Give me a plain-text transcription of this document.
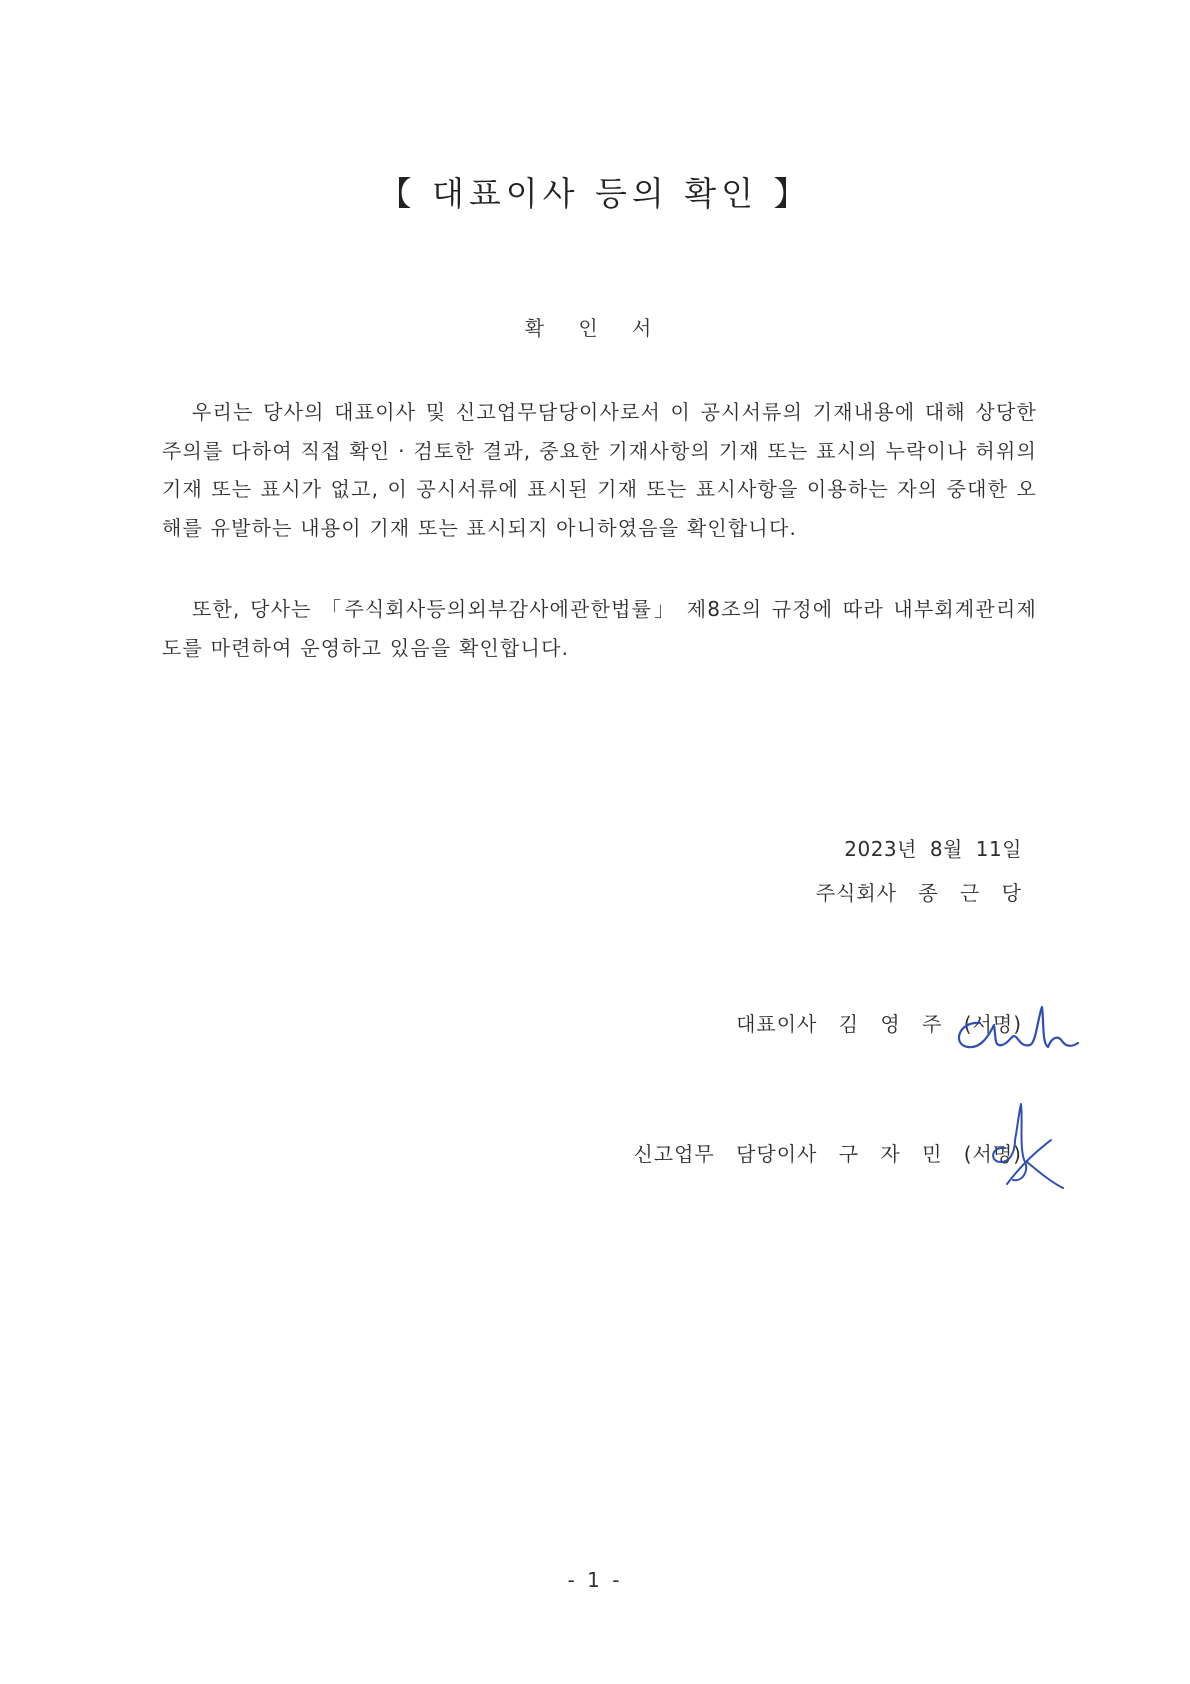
【 대표이사 등의 확인 】
확 인 서
우리는 당사의 대표이사 및 신고업무담당이사로서 이 공시서류의 기재내용에 대해 상당한 주의를 다하여 직접 확인 · 검토한 결과, 중요한 기재사항의 기재 또는 표시의 누락이나 허위의 기재 또는 표시가 없고, 이 공시서류에 표시된 기재 또는 표시사항을 이용하는 자의 중대한 오해를 유발하는 내용이 기재 또는 표시되지 아니하였음을 확인합니다.
또한, 당사는 「주식회사등의외부감사에관한법률」 제8조의 규정에 따라 내부회계관리제도를 마련하여 운영하고 있음을 확인합니다.
2023년 8월 11일
주식회사 종 근 당
대표이사 김 영 주 (서명)
신고업무 담당이사 구 자 민 (서명)
- 1 -
